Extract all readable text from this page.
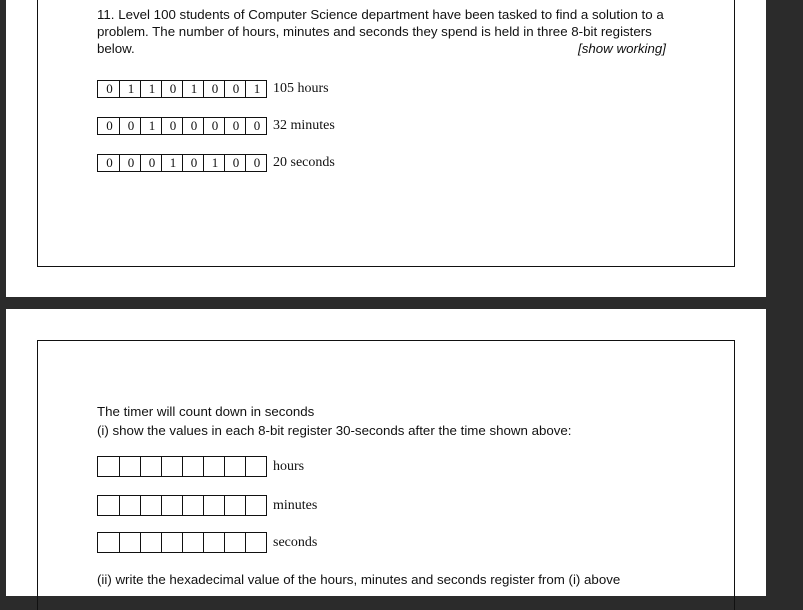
11. Level 100 students of Computer Science department have been tasked to find a solution to a problem. The number of hours, minutes and seconds they spend is held in three 8-bit registers below.	[show working]
0	1	1	0	1	0	0	1 105 hours
0	0	1	0	0	0	0	0 32 minutes
0	0	0	1	0	1	0	0 20 seconds
The timer will count down in seconds
(i) show the values in each 8-bit register 30-seconds after the time shown above:
hours
minutes
seconds
(ii) write the hexadecimal value of the hours, minutes and seconds register from (i) above
